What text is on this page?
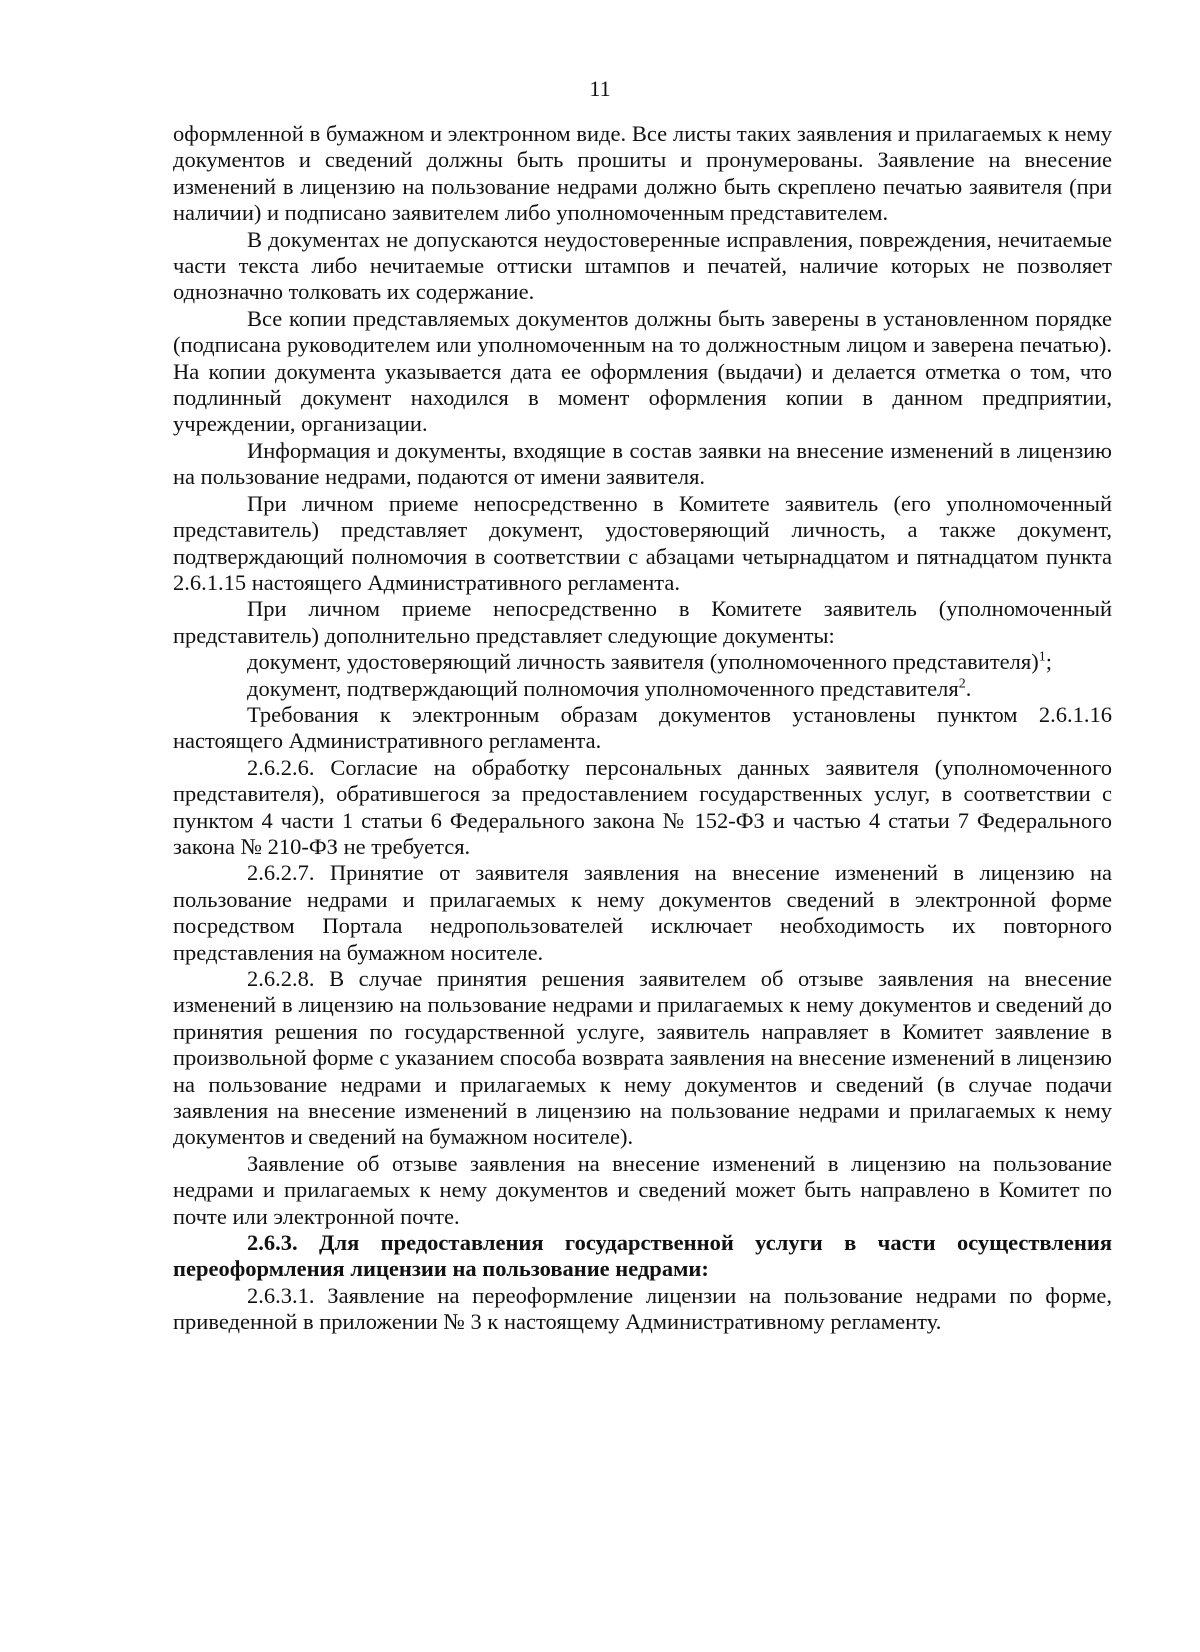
11

оформленной в бумажном и электронном виде. Все листы таких заявления и прилагаемых к нему документов и сведений должны быть прошиты и пронумерованы. Заявление на внесение изменений в лицензию на пользование недрами должно быть скреплено печатью заявителя (при наличии) и подписано заявителем либо уполномоченным представителем.

В документах не допускаются неудостоверенные исправления, повреждения, нечитаемые части текста либо нечитаемые оттиски штампов и печатей, наличие которых не позволяет однозначно толковать их содержание.

Все копии представляемых документов должны быть заверены в установленном порядке (подписана руководителем или уполномоченным на то должностным лицом и заверена печатью). На копии документа указывается дата ее оформления (выдачи) и делается отметка о том, что подлинный документ находился в момент оформления копии в данном предприятии, учреждении, организации.

Информация и документы, входящие в состав заявки на внесение изменений в лицензию на пользование недрами, подаются от имени заявителя.

При личном приеме непосредственно в Комитете заявитель (его уполномоченный представитель) представляет документ, удостоверяющий личность, а также документ, подтверждающий полномочия в соответствии с абзацами четырнадцатом и пятнадцатом пункта 2.6.1.15 настоящего Административного регламента.

При личном приеме непосредственно в Комитете заявитель (уполномоченный представитель) дополнительно представляет следующие документы:

документ, удостоверяющий личность заявителя (уполномоченного представителя)$^1$;

документ, подтверждающий полномочия уполномоченного представителя$^2$.

Требования к электронным образам документов установлены пунктом 2.6.1.16 настоящего Административного регламента.

2.6.2.6. Согласие на обработку персональных данных заявителя (уполномоченного представителя), обратившегося за предоставлением государственных услуг, в соответствии с пунктом 4 части 1 статьи 6 Федерального закона № 152-ФЗ и частью 4 статьи 7 Федерального закона № 210-ФЗ не требуется.

2.6.2.7. Принятие от заявителя заявления на внесение изменений в лицензию на пользование недрами и прилагаемых к нему документов сведений в электронной форме посредством Портала недропользователей исключает необходимость их повторного представления на бумажном носителе.

2.6.2.8. В случае принятия решения заявителем об отзыве заявления на внесение изменений в лицензию на пользование недрами и прилагаемых к нему документов и сведений до принятия решения по государственной услуге, заявитель направляет в Комитет заявление в произвольной форме с указанием способа возврата заявления на внесение изменений в лицензию на пользование недрами и прилагаемых к нему документов и сведений (в случае подачи заявления на внесение изменений в лицензию на пользование недрами и прилагаемых к нему документов и сведений на бумажном носителе).

Заявление об отзыве заявления на внесение изменений в лицензию на пользование недрами и прилагаемых к нему документов и сведений может быть направлено в Комитет по почте или электронной почте.

2.6.3. Для предоставления государственной услуги в части осуществления переоформления лицензии на пользование недрами:

2.6.3.1. Заявление на переоформление лицензии на пользование недрами по форме, приведенной в приложении № 3 к настоящему Административному регламенту.
